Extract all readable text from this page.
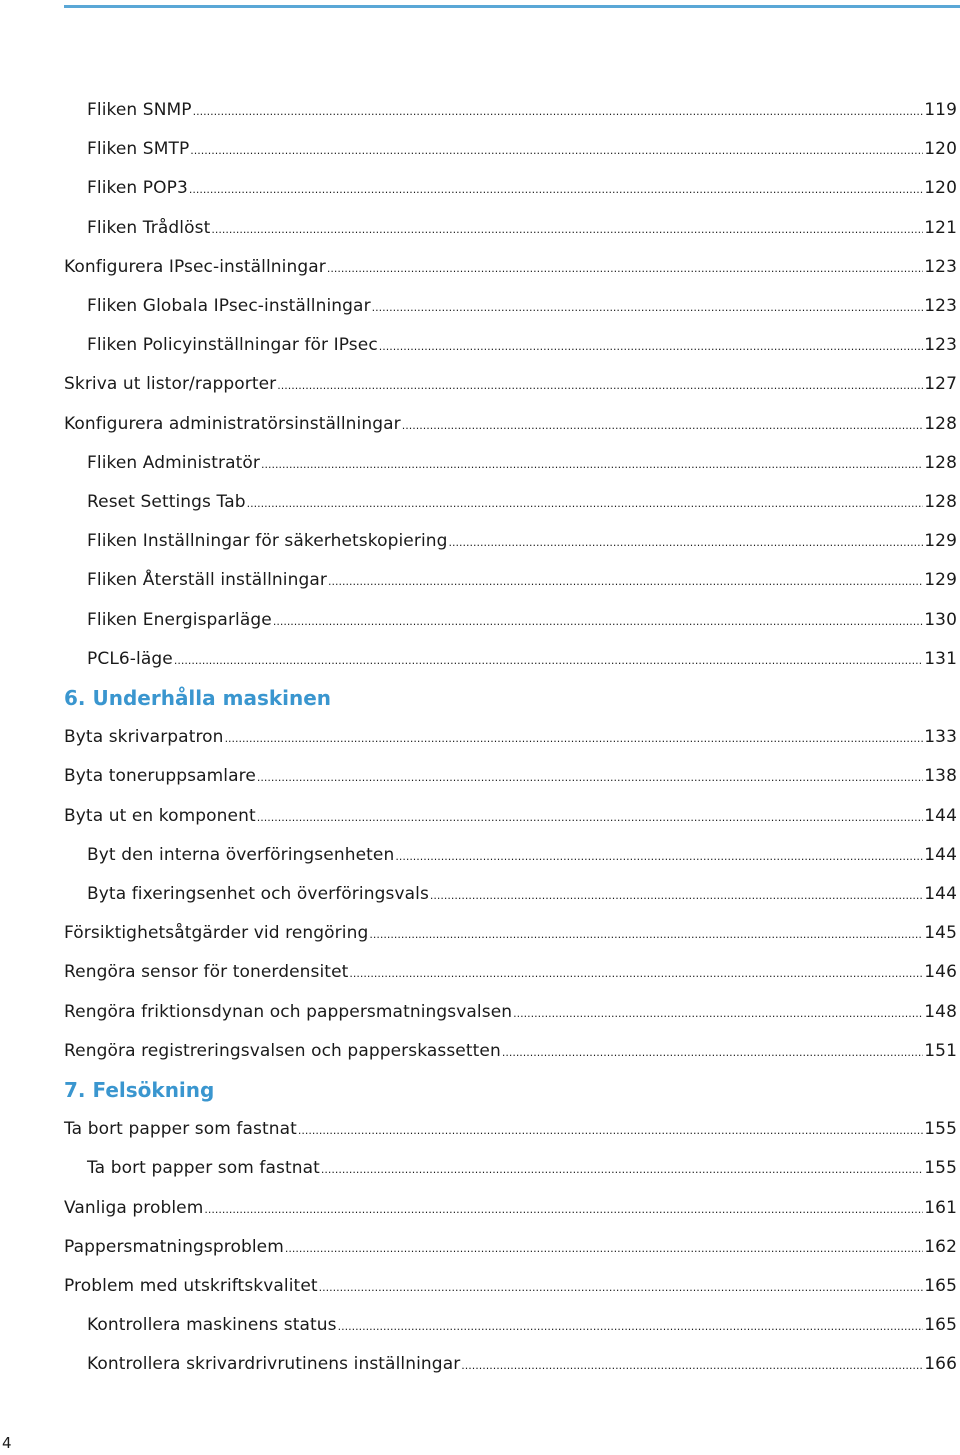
Fliken SNMP .....	119
Fliken SMTP .....	120
Fliken POP3 .....	120
Fliken Trådlöst .....	121
Konfigurera IPsec-inställningar .....	123
Fliken Globala IPsec-inställningar .....	123
Fliken Policyinställningar för IPsec .....	123
Skriva ut listor/rapporter .....	127
Konfigurera administratörsinställningar .....	128
Fliken Administratör .....	128
Reset Settings Tab .....	128
Fliken Inställningar för säkerhetskopiering .....	129
Fliken Återställ inställningar .....	129
Fliken Energisparläge .....	130
PCL6-läge .....	131
6. Underhålla maskinen
Byta skrivarpatron .....	133
Byta toneruppsamlare .....	138
Byta ut en komponent .....	144
Byt den interna överföringsenheten .....	144
Byta fixeringsenhet och överföringsvals .....	144
Försiktighetsåtgärder vid rengöring .....	145
Rengöra sensor för tonerdensitet .....	146
Rengöra friktionsdynan och pappersmatningsvalsen .....	148
Rengöra registreringsvalsen och papperskassetten .....	151
7. Felsökning
Ta bort papper som fastnat .....	155
Ta bort papper som fastnat .....	155
Vanliga problem .....	161
Pappersmatningsproblem .....	162
Problem med utskriftskvalitet .....	165
Kontrollera maskinens status .....	165
Kontrollera skrivardrivrutinens inställningar .....	166
4
